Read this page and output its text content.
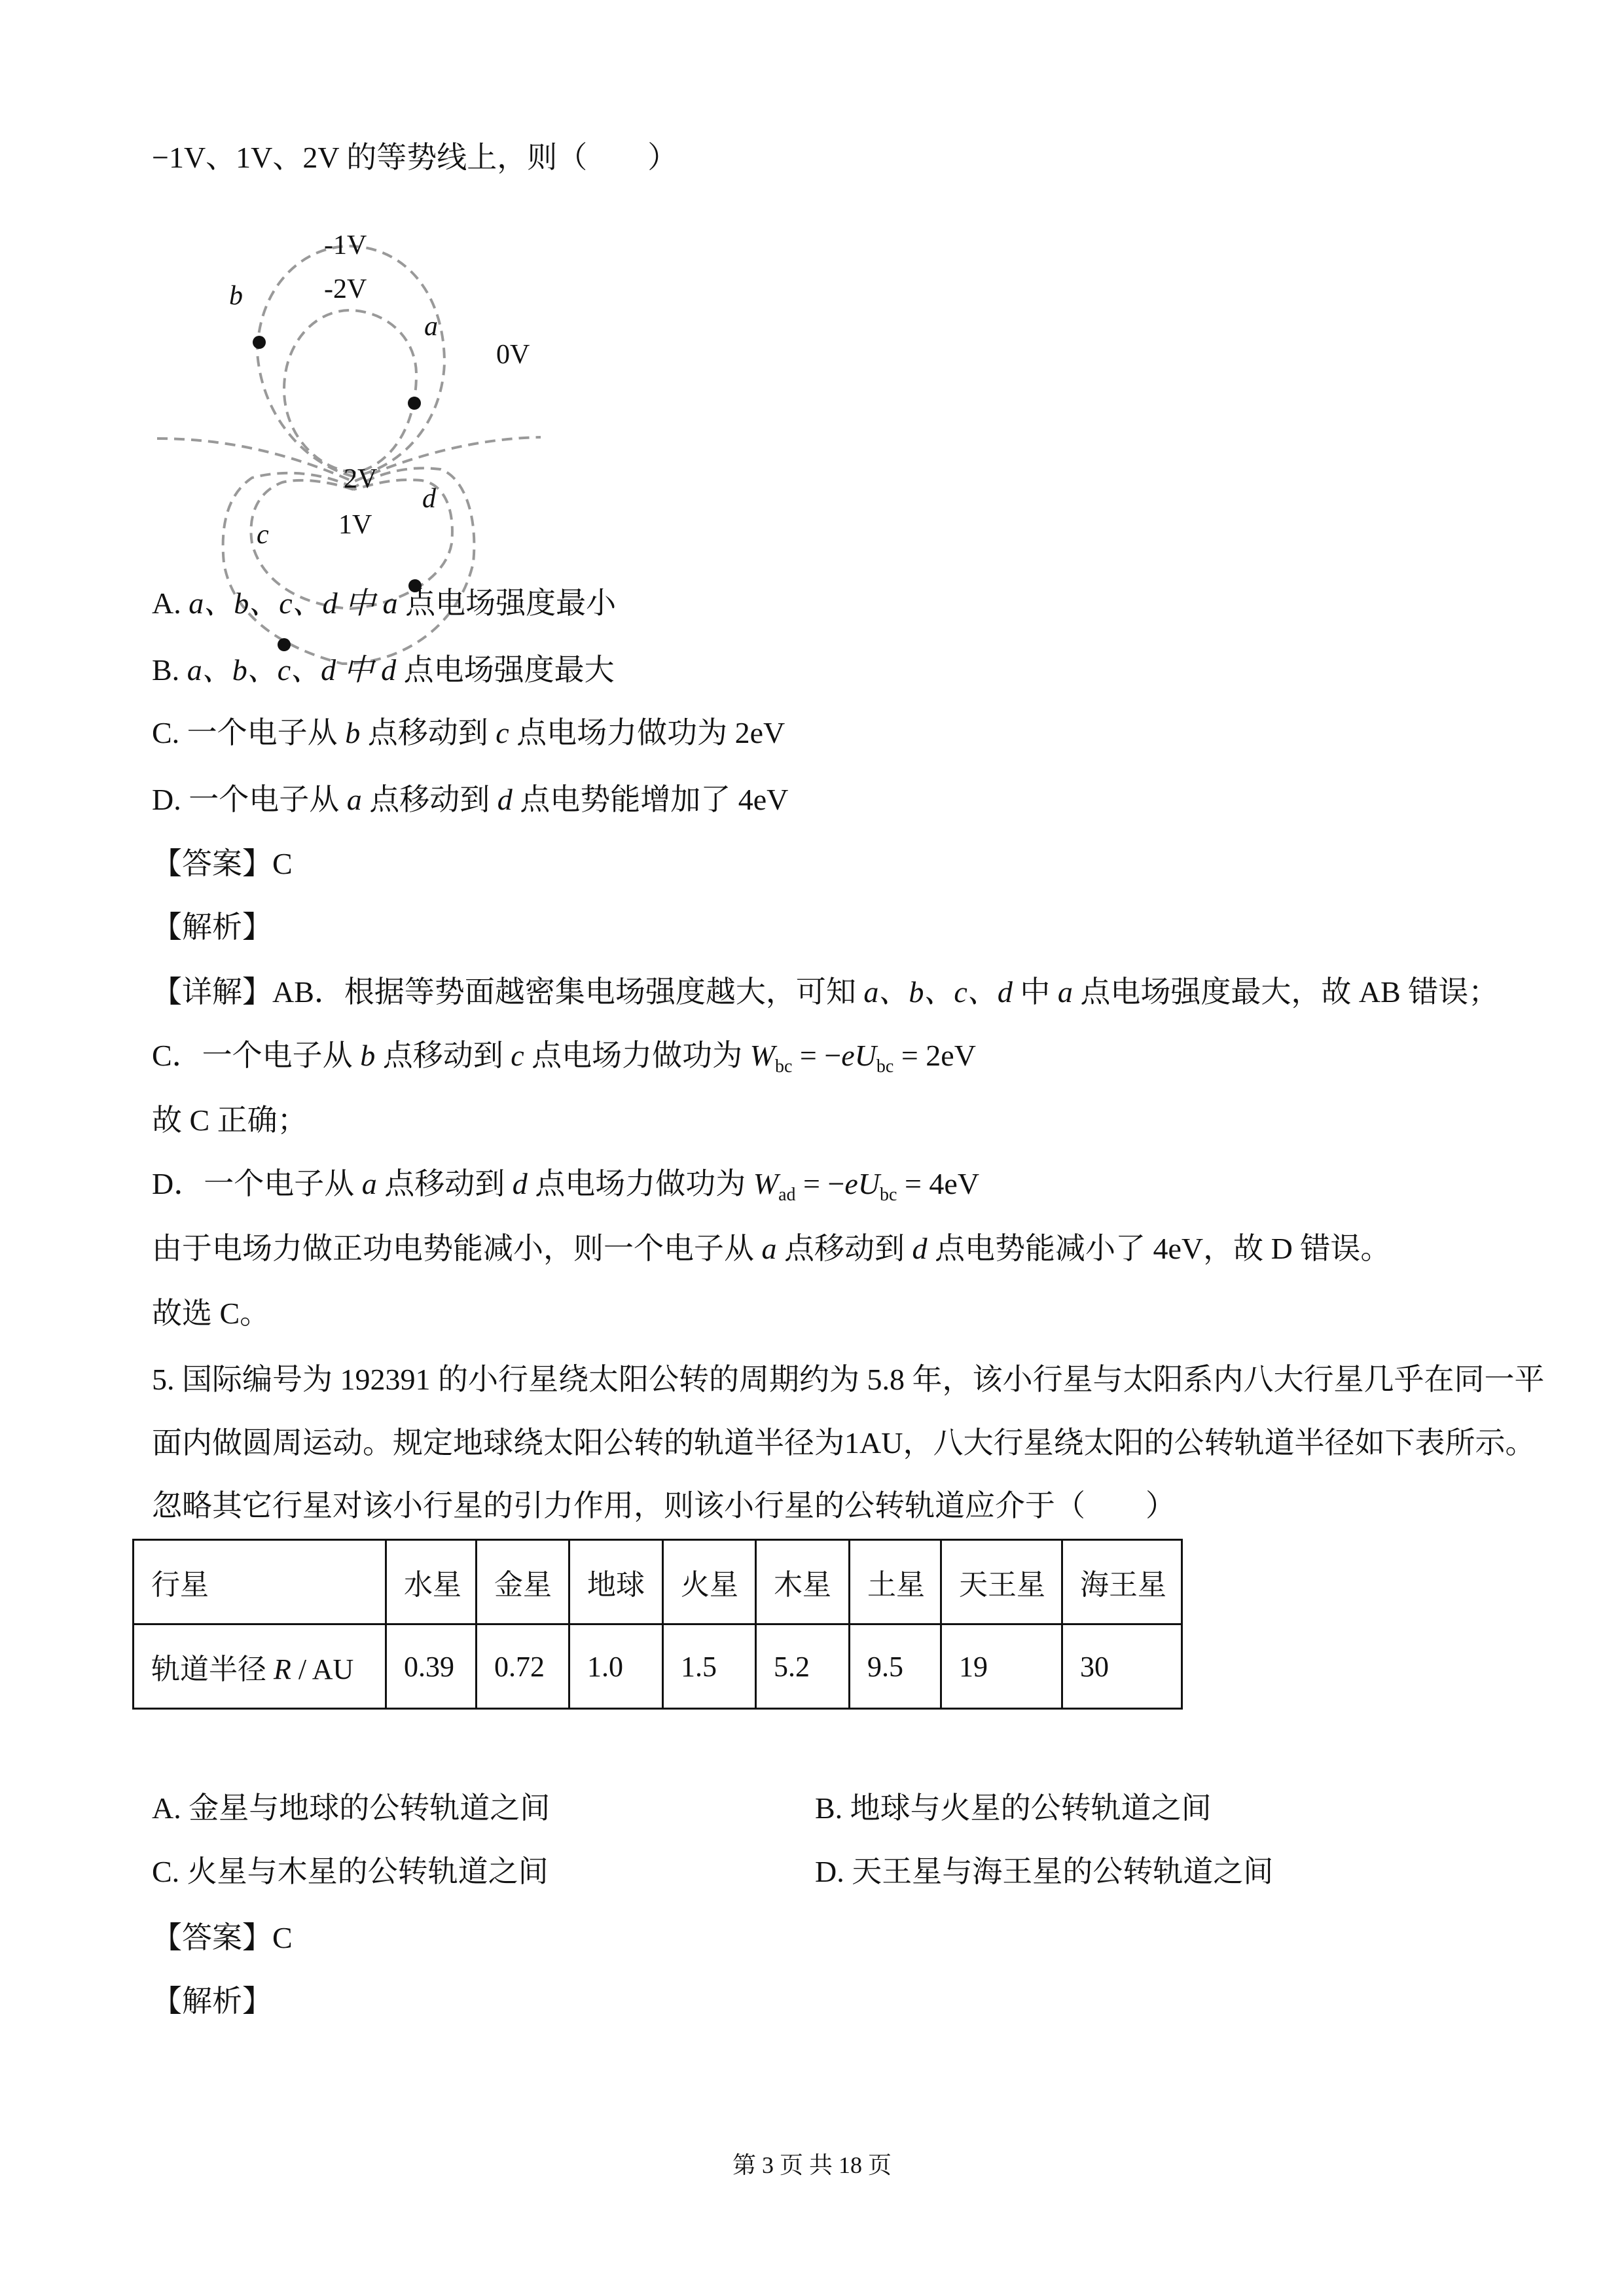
−1V、1V、2V 的等势线上，则（　　）
-1V
-2V
0V
2V
1V
a
b
c
d
A. a、b、c、d 中 a 点电场强度最小
B. a、b、c、d 中 d 点电场强度最大
C. 一个电子从 b 点移动到 c 点电场力做功为 2eV
D. 一个电子从 a 点移动到 d 点电势能增加了 4eV
【答案】C
【解析】
【详解】AB．根据等势面越密集电场强度越大，可知 a、b、c、d 中 a 点电场强度最大，故 AB 错误；
C．一个电子从 b 点移动到 c 点电场力做功为 $W_{bc} = -eU_{bc} = 2eV$
故 C 正确；
D．一个电子从 a 点移动到 d 点电场力做功为 $W_{ad} = -eU_{bc} = 4eV$
由于电场力做正功电势能减小，则一个电子从 a 点移动到 d 点电势能减小了 4eV，故 D 错误。
故选 C。
5. 国际编号为 192391 的小行星绕太阳公转的周期约为 5.8 年，该小行星与太阳系内八大行星几乎在同一平
面内做圆周运动。规定地球绕太阳公转的轨道半径为1AU，八大行星绕太阳的公转轨道半径如下表所示。
忽略其它行星对该小行星的引力作用，则该小行星的公转轨道应介于（　　）
行星	水星	金星	地球	火星	木星	土星	天王星	海王星
轨道半径 R / AU	0.39	0.72	1.0	1.5	5.2	9.5	19	30
A. 金星与地球的公转轨道之间	B. 地球与火星的公转轨道之间
C. 火星与木星的公转轨道之间	D. 天王星与海王星的公转轨道之间
【答案】C
【解析】
第 3 页 共 18 页
